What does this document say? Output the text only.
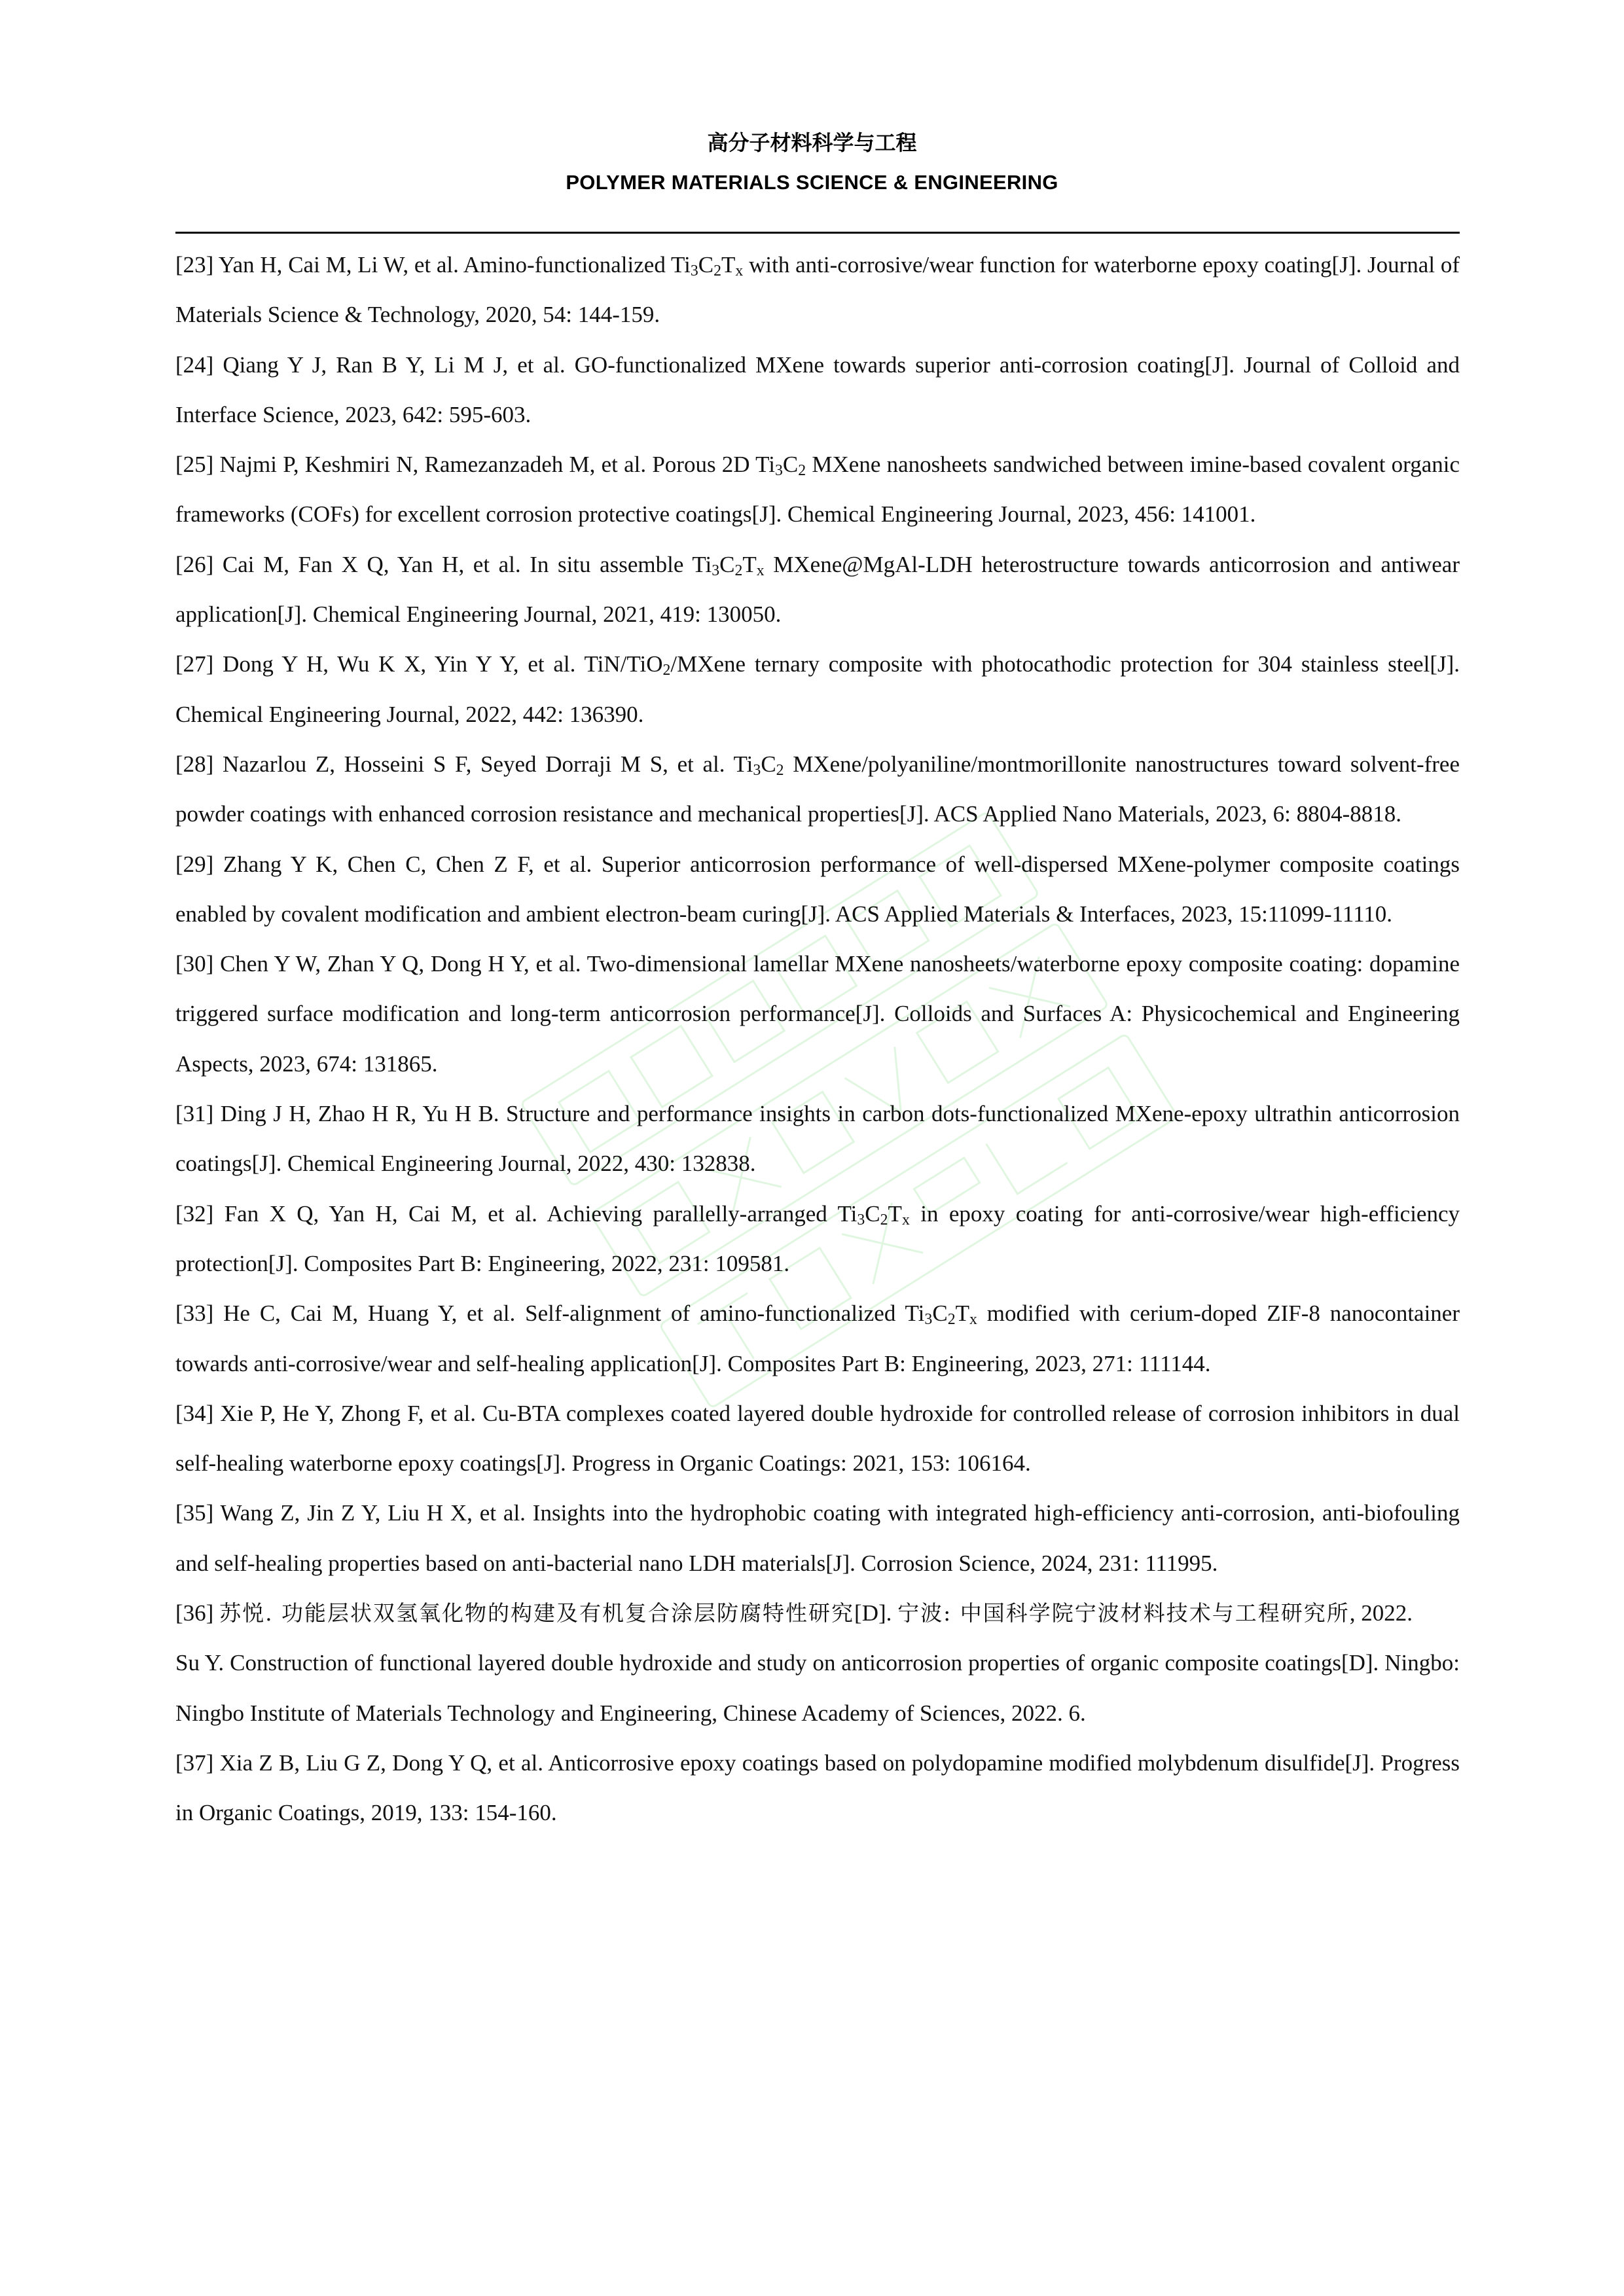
高分子材料科学与工程
POLYMER MATERIALS SCIENCE & ENGINEERING

[23] Yan H, Cai M, Li W, et al. Amino-functionalized $Ti_3C_2T_x$ with anti-corrosive/wear function for waterborne epoxy coating[J]. Journal of Materials Science & Technology, 2020, 54: 144-159.

[24] Qiang Y J, Ran B Y, Li M J, et al. GO-functionalized MXene towards superior anti-corrosion coating[J]. Journal of Colloid and Interface Science, 2023, 642: 595-603.

[25] Najmi P, Keshmiri N, Ramezanzadeh M, et al. Porous 2D $Ti_3C_2$ MXene nanosheets sandwiched between imine-based covalent organic frameworks (COFs) for excellent corrosion protective coatings[J]. Chemical Engineering Journal, 2023, 456: 141001.

[26] Cai M, Fan X Q, Yan H, et al. In situ assemble $Ti_3C_2T_x$ MXene@MgAl-LDH heterostructure towards anticorrosion and antiwear application[J]. Chemical Engineering Journal, 2021, 419: 130050.

[27] Dong Y H, Wu K X, Yin Y Y, et al. TiN/TiO$_2$/MXene ternary composite with photocathodic protection for 304 stainless steel[J]. Chemical Engineering Journal, 2022, 442: 136390.

[28] Nazarlou Z, Hosseini S F, Seyed Dorraji M S, et al. $Ti_3C_2$ MXene/polyaniline/montmorillonite nanostructures toward solvent-free powder coatings with enhanced corrosion resistance and mechanical properties[J]. ACS Applied Nano Materials, 2023, 6: 8804-8818.

[29] Zhang Y K, Chen C, Chen Z F, et al. Superior anticorrosion performance of well-dispersed MXene-polymer composite coatings enabled by covalent modification and ambient electron-beam curing[J]. ACS Applied Materials & Interfaces, 2023, 15:11099-11110.

[30] Chen Y W, Zhan Y Q, Dong H Y, et al. Two-dimensional lamellar MXene nanosheets/waterborne epoxy composite coating: dopamine triggered surface modification and long-term anticorrosion performance[J]. Colloids and Surfaces A: Physicochemical and Engineering Aspects, 2023, 674: 131865.

[31] Ding J H, Zhao H R, Yu H B. Structure and performance insights in carbon dots-functionalized MXene-epoxy ultrathin anticorrosion coatings[J]. Chemical Engineering Journal, 2022, 430: 132838.

[32] Fan X Q, Yan H, Cai M, et al. Achieving parallelly-arranged $Ti_3C_2T_x$ in epoxy coating for anti-corrosive/wear high-efficiency protection[J]. Composites Part B: Engineering, 2022, 231: 109581.

[33] He C, Cai M, Huang Y, et al. Self-alignment of amino-functionalized $Ti_3C_2T_x$ modified with cerium-doped ZIF-8 nanocontainer towards anti-corrosive/wear and self-healing application[J]. Composites Part B: Engineering, 2023, 271: 111144.

[34] Xie P, He Y, Zhong F, et al. Cu-BTA complexes coated layered double hydroxide for controlled release of corrosion inhibitors in dual self-healing waterborne epoxy coatings[J]. Progress in Organic Coatings: 2021, 153: 106164.

[35] Wang Z, Jin Z Y, Liu H X, et al. Insights into the hydrophobic coating with integrated high-efficiency anti-corrosion, anti-biofouling and self-healing properties based on anti-bacterial nano LDH materials[J]. Corrosion Science, 2024, 231: 111995.

[36] 苏悦. 功能层状双氢氧化物的构建及有机复合涂层防腐特性研究[D]. 宁波: 中国科学院宁波材料技术与工程研究所, 2022.

Su Y. Construction of functional layered double hydroxide and study on anticorrosion properties of organic composite coatings[D]. Ningbo: Ningbo Institute of Materials Technology and Engineering, Chinese Academy of Sciences, 2022. 6.

[37] Xia Z B, Liu G Z, Dong Y Q, et al. Anticorrosive epoxy coatings based on polydopamine modified molybdenum disulfide[J]. Progress in Organic Coatings, 2019, 133: 154-160.
